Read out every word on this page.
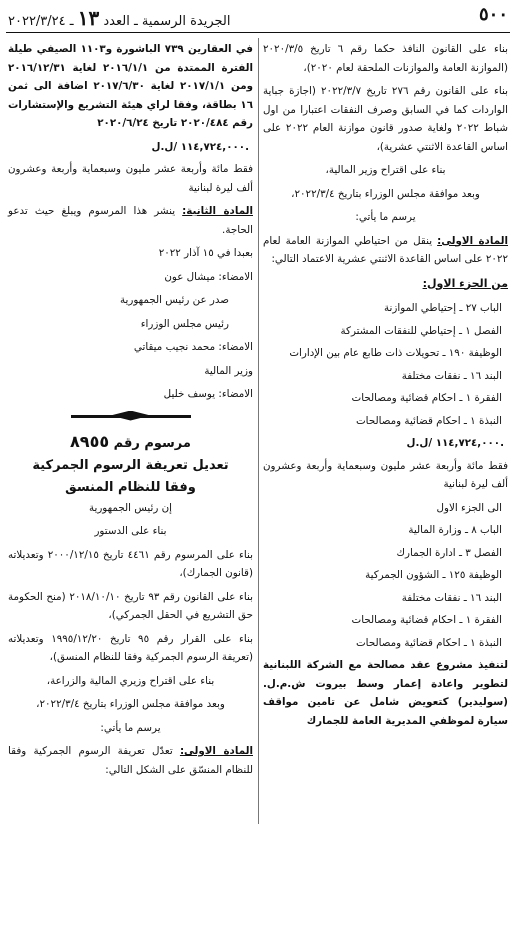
٥٠٠
الجريدة الرسمية ـ العدد ١٣ ـ ٢٠٢٢/٣/٢٤

بناء على القانون النافذ حكما رقم ٦ تاريخ ٢٠٢٠/٣/٥ (الموازنة العامة والموازنات الملحقة لعام ٢٠٢٠)،

بناء على القانون رقم ٢٧٦ تاريخ ٢٠٢٢/٣/٧ (اجازة جباية الواردات كما في السابق وصرف النفقات اعتبارا من اول شباط ٢٠٢٢ ولغاية صدور قانون موازنة العام ٢٠٢٢ على اساس القاعدة الاثنتي عشرية)،

بناء على اقتراح وزير المالية،

وبعد موافقة مجلس الوزراء بتاريخ ٢٠٢٢/٣/٤،

يرسم ما يأتي:

المادة الاولى: ينقل من احتياطي الموازنة العامة لعام ٢٠٢٢ على اساس القاعدة الاثنتي عشرية الاعتماد التالي:

من الجزء الاول:
الباب ٢٧ ـ إحتياطي الموازنة
الفصل ١ ـ إحتياطي للنفقات المشتركة
الوظيفة ١٩٠ ـ تحويلات ذات طابع عام بين الإدارات
البند ١٦ ـ نفقات مختلفة
الفقرة ١ ـ احكام قضائية ومصالحات
النبذة ١ ـ احكام قضائية ومصالحات
١١٤,٧٢٤,٠٠٠ /ل.ل.

فقط مائة وأربعة عشر مليون وسبعماية وأربعة وعشرون ألف ليرة لبنانية

الى الجزء الاول
الباب ٨ ـ وزارة المالية
الفصل ٣ ـ ادارة الجمارك
الوظيفة ١٢٥ ـ الشؤون الجمركية
البند ١٦ ـ نفقات مختلفة
الفقرة ١ ـ احكام قضائية ومصالحات
النبذة ١ ـ احكام قضائية ومصالحات

لتنفيذ مشروع عقد مصالحة مع الشركة اللبنانية لتطوير واعادة إعمار وسط بيروت ش.م.ل. (سوليدير) كتعويض شامل عن تامين مواقف سيارة لموظفي المديرية العامة للجمارك

في العقارين ٧٣٩ الباشورة و١١٠٣ الصيفي طيلة الفترة الممتدة من ٢٠١٦/١/١ لغاية ٢٠١٦/١٢/٣١ ومن ٢٠١٧/١/١ لغاية ٢٠١٧/٦/٣٠ اضافة الى ثمن ١٦ بطاقة، وفقا لراي هيئة التشريع والإستشارات رقم ٢٠٢٠/٤٨٤ تاريخ ٢٠٢٠/٦/٢٤

١١٤,٧٢٤,٠٠٠ /ل.ل.

فقط مائة وأربعة عشر مليون وسبعماية وأربعة وعشرون ألف ليرة لبنانية

المادة الثانية: ينشر هذا المرسوم ويبلغ حيث تدعو الحاجة.

بعبدا في ١٥ آذار ٢٠٢٢

الامضاء: ميشال عون

صدر عن رئيس الجمهورية

رئيس مجلس الوزراء

الامضاء: محمد نجيب ميقاتي

وزير المالية

الامضاء: يوسف خليل

مرسوم رقم ٨٩٥٥
تعديل تعريفة الرسوم الجمركية
وفقا للنظام المنسق

إن رئيس الجمهورية

بناء على الدستور

بناء على المرسوم رقم ٤٤٦١ تاريخ ٢٠٠٠/١٢/١٥ وتعديلاته (قانون الجمارك)،

بناء على القانون رقم ٩٣ تاريخ ٢٠١٨/١٠/١٠ (منح الحكومة حق التشريع في الحقل الجمركي)،

بناء على القرار رقم ٩٥ تاريخ ١٩٩٥/١٢/٢٠ وتعديلاته (تعريفة الرسوم الجمركية وفقا للنظام المنسق)،

بناء على اقتراح وزيري المالية والزراعة،

وبعد موافقة مجلس الوزراء بتاريخ ٢٠٢٢/٣/٤،

يرسم ما يأتي:

المادة الاولى: تعدّل تعريفة الرسوم الجمركية وفقا للنظام المنسّق على الشكل التالي:
